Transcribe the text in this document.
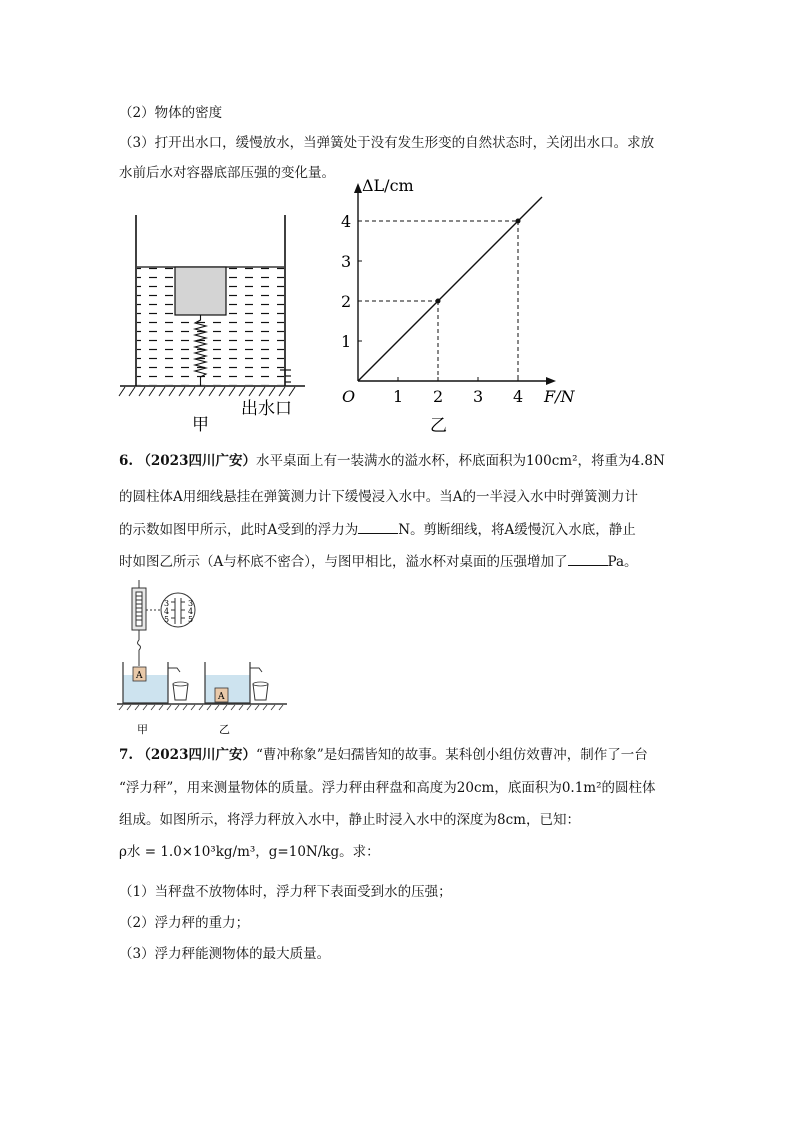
（2）物体的密度
（3）打开出水口，缓慢放水，当弹簧处于没有发生形变的自然状态时，关闭出水口。求放
水前后水对容器底部压强的变化量。
出水口
甲
1 2 3 4
1
2
3
4
O	F/N
ΔL/cm
乙
6. （2023四川广安）水平桌面上有一装满水的溢水杯，杯底面积为100cm²，将重为4.8N
的圆柱体A用细线悬挂在弹簧测力计下缓慢浸入水中。当A的一半浸入水中时弹簧测力计
的示数如图甲所示，此时A受到的浮力为	N。剪断细线，将A缓慢沉入水底，静止
时如图乙所示（A与杯底不密合），与图甲相比，溢水杯对桌面的压强增加了	Pa。
3
4
5
3
4
5
A
A
甲	乙
7. （2023四川广安）“曹冲称象”是妇孺皆知的故事。某科创小组仿效曹冲，制作了一台
“浮力秤”，用来测量物体的质量。浮力秤由秤盘和高度为20cm，底面积为0.1m²的圆柱体
组成。如图所示，将浮力秤放入水中，静止时浸入水中的深度为8cm，已知：
ρ水 = 1.0×10³kg/m³，g=10N/kg。求：
（1）当秤盘不放物体时，浮力秤下表面受到水的压强；
（2）浮力秤的重力；
（3）浮力秤能测物体的最大质量。
